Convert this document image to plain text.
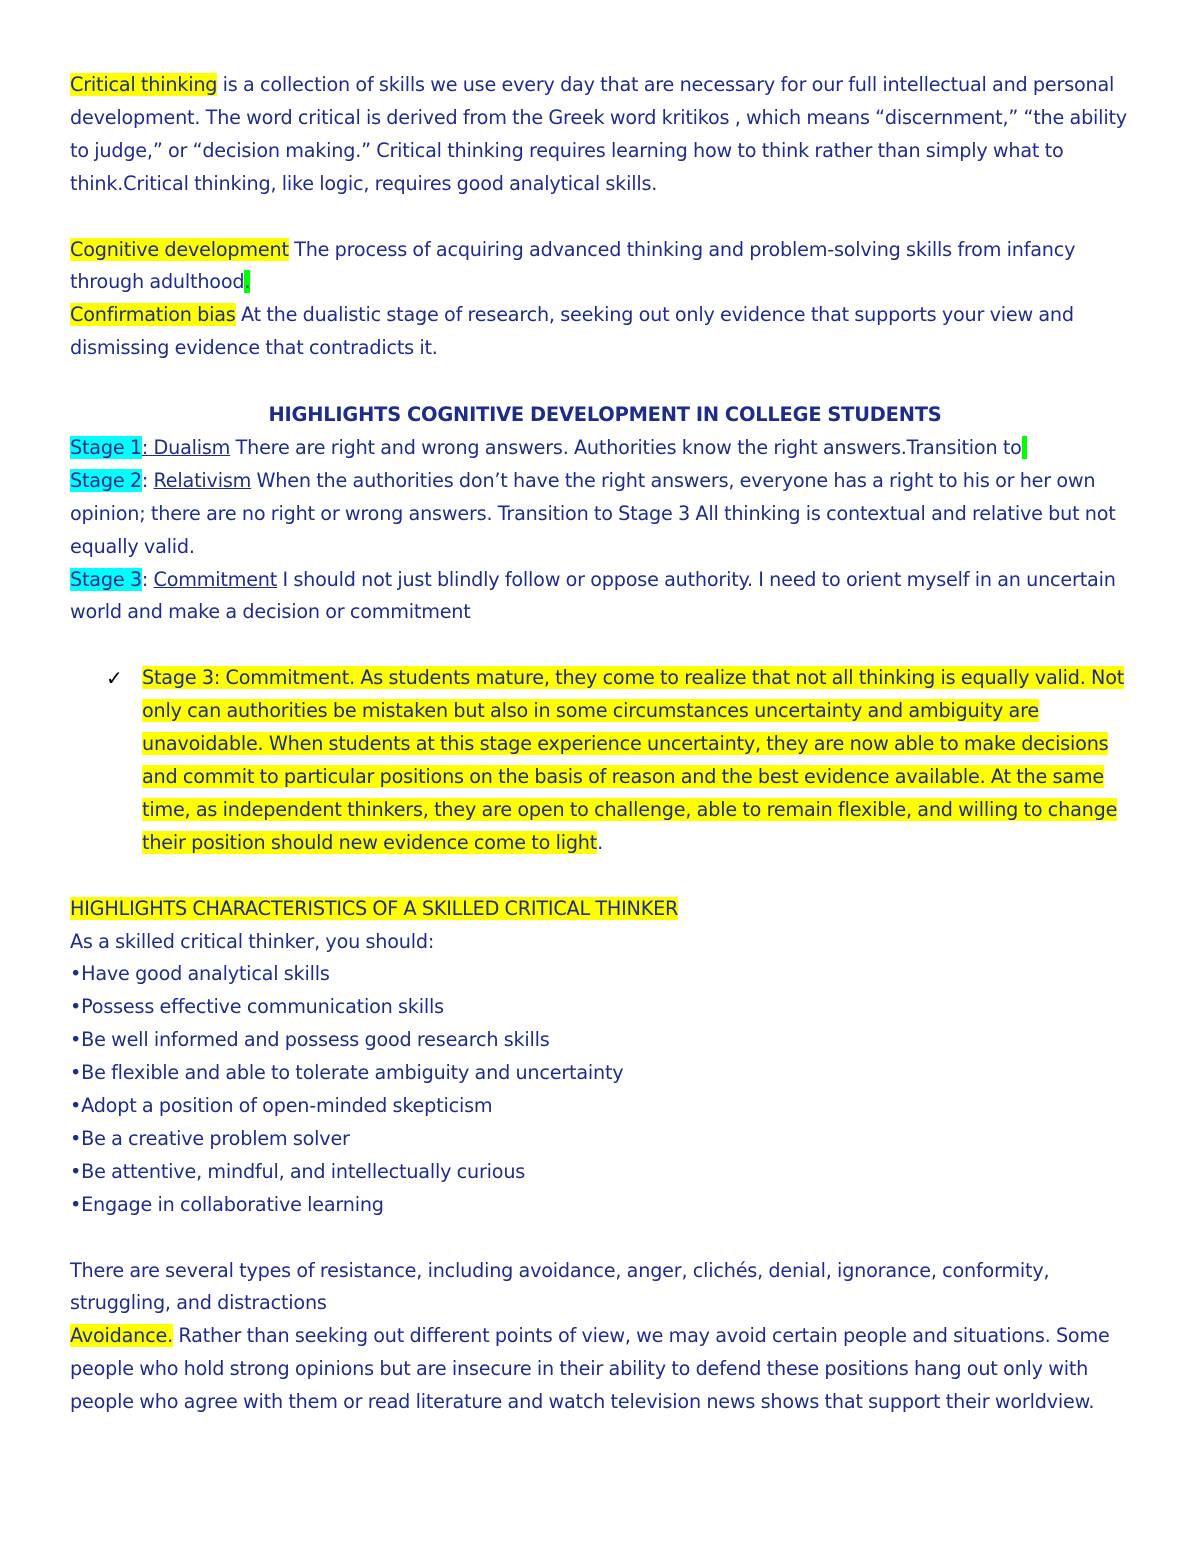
Critical thinking is a collection of skills we use every day that are necessary for our full intellectual and personal development. The word critical is derived from the Greek word kritikos , which means “discernment,” “the ability to judge,” or “decision making.” Critical thinking requires learning how to think rather than simply what to think.Critical thinking, like logic, requires good analytical skills.

Cognitive development The process of acquiring advanced thinking and problem-solving skills from infancy through adulthood.

Confirmation bias At the dualistic stage of research, seeking out only evidence that supports your view and dismissing evidence that contradicts it.

HIGHLIGHTS COGNITIVE DEVELOPMENT IN COLLEGE STUDENTS

Stage 1: Dualism There are right and wrong answers. Authorities know the right answers.Transition to

Stage 2: Relativism When the authorities don’t have the right answers, everyone has a right to his or her own opinion; there are no right or wrong answers. Transition to Stage 3 All thinking is contextual and relative but not equally valid.

Stage 3: Commitment I should not just blindly follow or oppose authority. I need to orient myself in an uncertain world and make a decision or commitment

✓ Stage 3: Commitment. As students mature, they come to realize that not all thinking is equally valid. Not only can authorities be mistaken but also in some circumstances uncertainty and ambiguity are unavoidable. When students at this stage experience uncertainty, they are now able to make decisions and commit to particular positions on the basis of reason and the best evidence available. At the same time, as independent thinkers, they are open to challenge, able to remain flexible, and willing to change their position should new evidence come to light.

HIGHLIGHTS CHARACTERISTICS OF A SKILLED CRITICAL THINKER

As a skilled critical thinker, you should:

•Have good analytical skills

•Possess effective communication skills

•Be well informed and possess good research skills

•Be flexible and able to tolerate ambiguity and uncertainty

•Adopt a position of open-minded skepticism

•Be a creative problem solver

•Be attentive, mindful, and intellectually curious

•Engage in collaborative learning

There are several types of resistance, including avoidance, anger, clichés, denial, ignorance, conformity, struggling, and distractions

Avoidance. Rather than seeking out different points of view, we may avoid certain people and situations. Some people who hold strong opinions but are insecure in their ability to defend these positions hang out only with people who agree with them or read literature and watch television news shows that support their worldview.
